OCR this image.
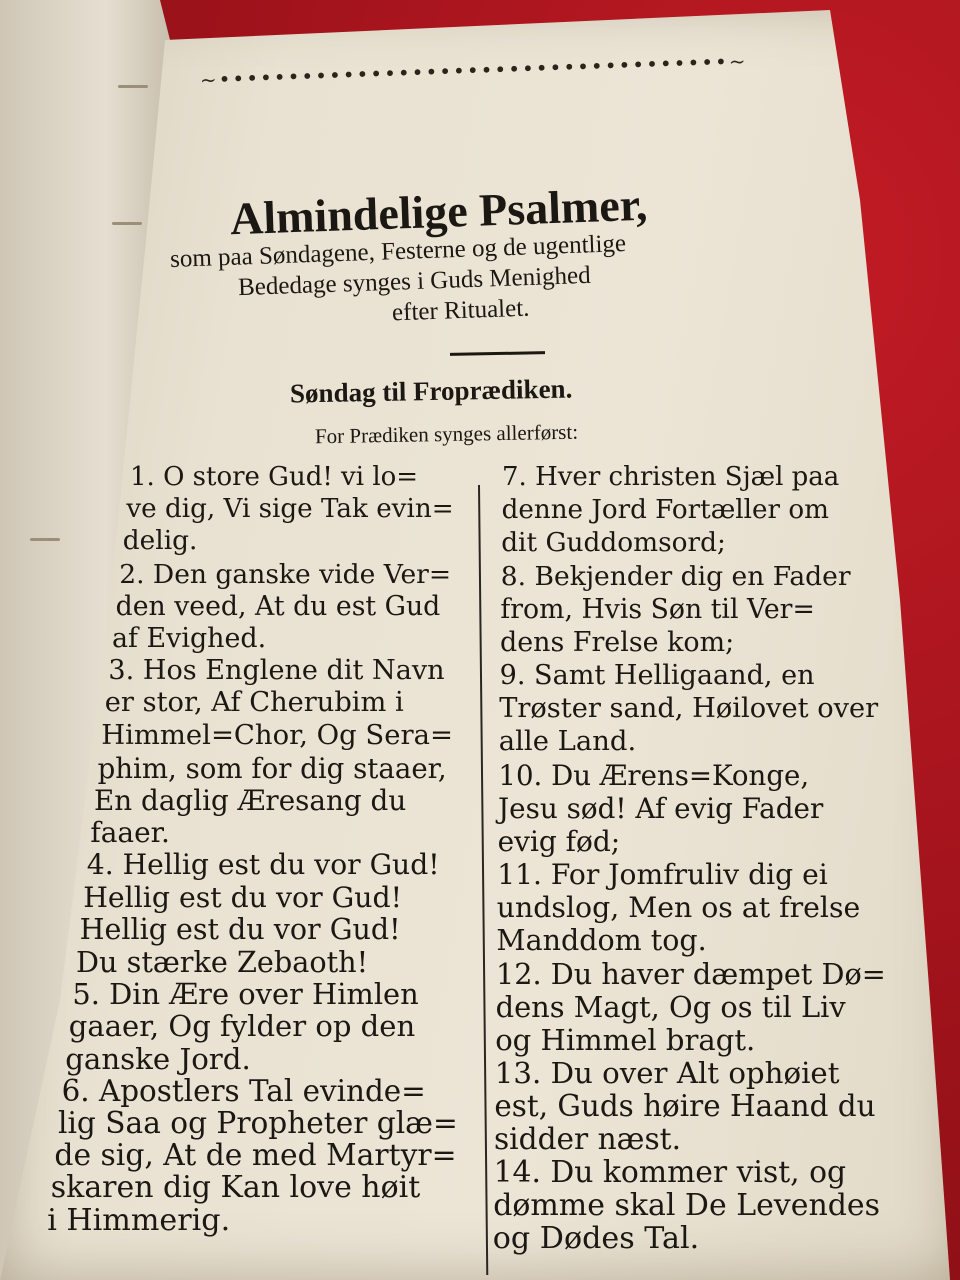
~•••••••••••••••••••••••••••••••••••••~
Almindelige Psalmer,
som paa Søndagene, Festerne og de ugentlige
Bededage synges i Guds Menighed
efter Ritualet.
Søndag til Froprædiken.
For Prædiken synges allerførst:
1. O store Gud! vi lo=
ve dig, Vi sige Tak evin=
delig.
2. Den ganske vide Ver=
den veed, At du est Gud
af Evighed.
3. Hos Englene dit Navn
er stor, Af Cherubim i
Himmel=Chor, Og Sera=
phim, som for dig staaer,
En daglig Æresang du
faaer.
4. Hellig est du vor Gud!
Hellig est du vor Gud!
Hellig est du vor Gud!
Du stærke Zebaoth!
5. Din Ære over Himlen
gaaer, Og fylder op den
ganske Jord.
6. Apostlers Tal evinde=
lig Saa og Propheter glæ=
de sig, At de med Martyr=
skaren dig Kan love høit
i Himmerig.
7. Hver christen Sjæl paa
denne Jord Fortæller om
dit Guddomsord;
8. Bekjender dig en Fader
from, Hvis Søn til Ver=
dens Frelse kom;
9. Samt Helligaand, en
Trøster sand, Høilovet over
alle Land.
10. Du Ærens=Konge,
Jesu sød! Af evig Fader
evig fød;
11. For Jomfruliv dig ei
undslog, Men os at frelse
Manddom tog.
12. Du haver dæmpet Dø=
dens Magt, Og os til Liv
og Himmel bragt.
13. Du over Alt ophøiet
est, Guds høire Haand du
sidder næst.
14. Du kommer vist, og
dømme skal De Levendes
og Dødes Tal.
